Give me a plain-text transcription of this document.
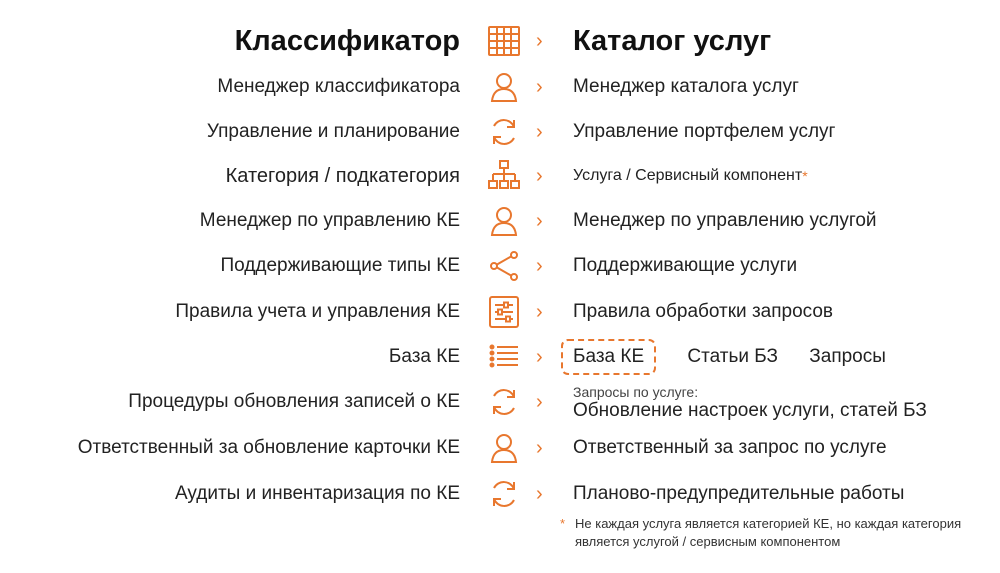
Классификатор	› Каталог услуг
Менеджер классификатора	› Менеджер каталога услуг
Управление и планирование	› Управление портфелем услуг
Категория / подкатегория	› Услуга / Сервисный компонент*
Менеджер по управлению КЕ	› Менеджер по управлению услугой
Поддерживающие типы КЕ	› Поддерживающие услуги
Правила учета и управления КЕ	› Правила обработки запросов
База КЕ	› База КЕ Статьи БЗ Запросы
Процедуры обновления записей о КЕ	› Запросы по услуге:
Обновление настроек услуги, статей БЗ
Ответственный за обновление карточки КЕ	› Ответственный за запрос по услуге
Аудиты и инвентаризация по КЕ	› Планово-предупредительные работы
* Не каждая услуга является категорией КЕ, но каждая категория является услугой / сервисным компонентом
